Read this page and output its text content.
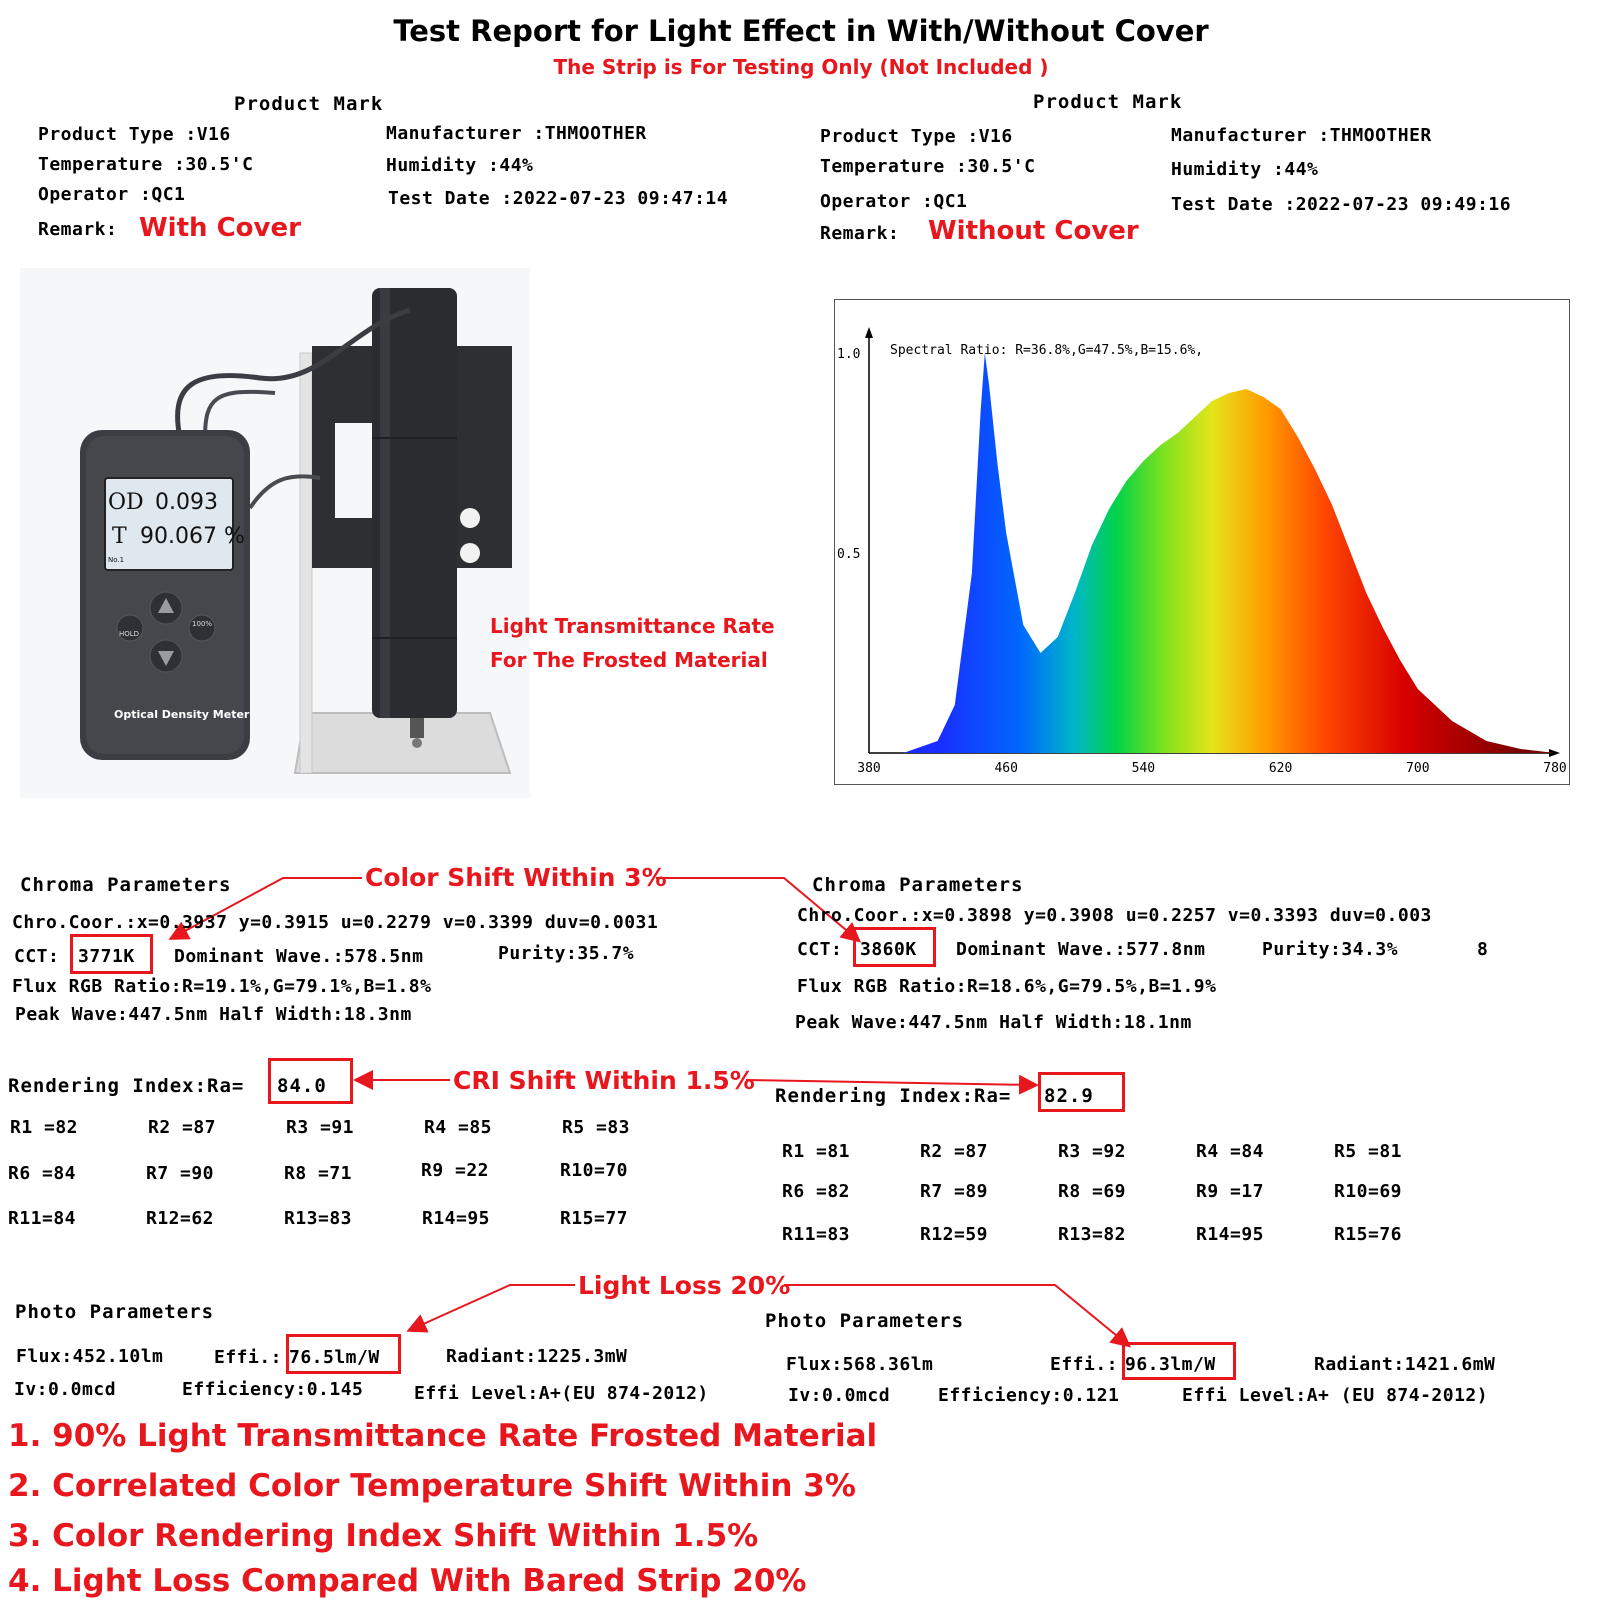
Test Report for Light Effect in With/Without Cover
The Strip is For Testing Only (Not Included )
Product Mark
Product Type :V16
Temperature :30.5'C
Operator :QC1
Remark: With Cover
Manufacturer :THMOOTHER
Humidity :44%
Test Date :2022-07-23 09:47:14
Product Mark
Product Type :V16
Temperature :30.5'C
Operator :QC1
Remark: Without Cover
Manufacturer :THMOOTHER
Humidity :44%
Test Date :2022-07-23 09:49:16
OD 0.093
T 90.067 %
No.1
HOLD
100%
Optical Density Meter
Light Transmittance Rate
For The Frosted Material
380	460	540	620	700	780
1.0
0.5
Spectral Ratio: R=36.8%,G=47.5%,B=15.6%,
Color Shift Within 3%
CRI Shift Within 1.5%
Light Loss 20%
Chroma Parameters
Chro.Coor.:x=0.3937 y=0.3915 u=0.2279 v=0.3399 duv=0.0031
CCT: 3771K Dominant Wave.:578.5nm	Purity:35.7%
Flux RGB Ratio:R=19.1%,G=79.1%,B=1.8%
Peak Wave:447.5nm Half Width:18.3nm
Chroma Parameters
Chro.Coor.:x=0.3898 y=0.3908 u=0.2257 v=0.3393 duv=0.003
8
CCT: 3860K Dominant Wave.:577.8nm	Purity:34.3%
Flux RGB Ratio:R=18.6%,G=79.5%,B=1.9%
Peak Wave:447.5nm Half Width:18.1nm
Rendering Index:Ra= 84.0
R1 =82	R2 =87	R3 =91	R4 =85	R5 =83
R6 =84	R7 =90	R8 =71	R9 =22	R10=70
R11=84	R12=62	R13=83	R14=95	R15=77
Rendering Index:Ra= 82.9
R1 =81	R2 =87	R3 =92	R4 =84	R5 =81
R6 =82	R7 =89	R8 =69	R9 =17	R10=69
R11=83	R12=59	R13=82	R14=95	R15=76
Photo Parameters
Flux:452.10lm	Effi.: 76.5lm/W	Radiant:1225.3mW
Iv:0.0mcd	Efficiency:0.145	Effi Level:A+(EU 874-2012)
Photo Parameters
Flux:568.36lm	Effi.: 96.3lm/W	Radiant:1421.6mW
Iv:0.0mcd	Efficiency:0.121	Effi Level:A+ (EU 874-2012)
1. 90% Light Transmittance Rate Frosted Material
2. Correlated Color Temperature Shift Within 3%
3. Color Rendering Index Shift Within 1.5%
4. Light Loss Compared With Bared Strip 20%
